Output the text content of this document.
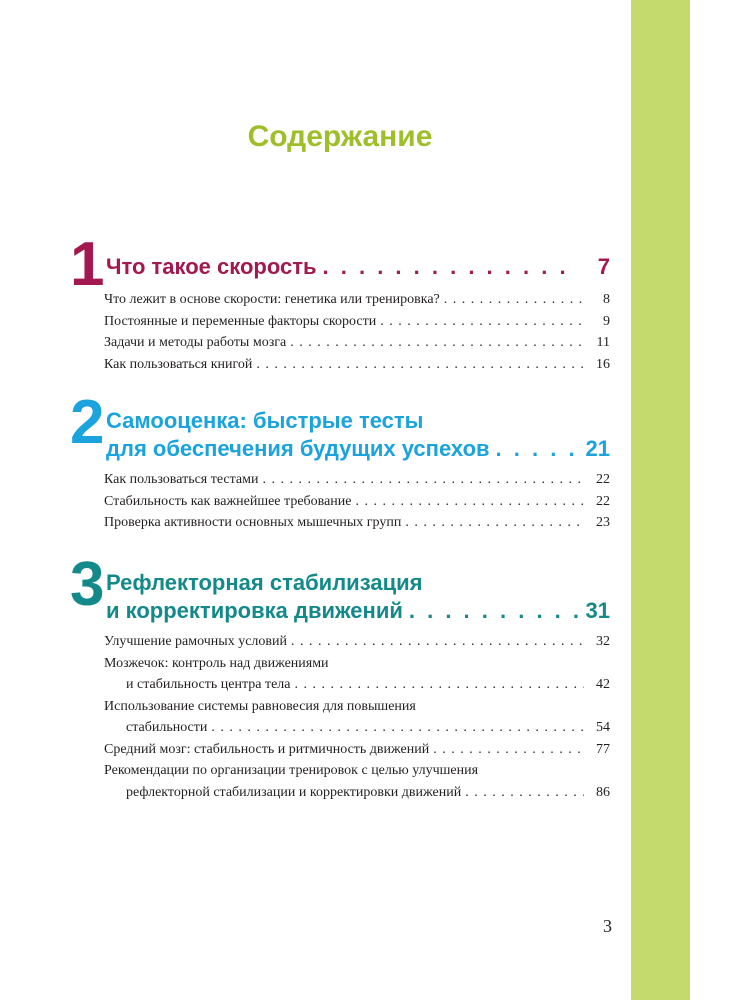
Содержание
1 Что такое скорость . . .	7
Что лежит в основе скорости: генетика или тренировка? . . .	8
Постоянные и переменные факторы скорости . . .	9
Задачи и методы работы мозга . . .	11
Как пользоваться книгой . . .	16
2 Самооценка: быстрые тесты
для обеспечения будущих успехов . . .	21
Как пользоваться тестами . . .	22
Стабильность как важнейшее требование . . .	22
Проверка активности основных мышечных групп . . .	23
3 Рефлекторная стабилизация
и корректировка движений . . .	31
Улучшение рамочных условий . . .	32
Мозжечок: контроль над движениями
и стабильность центра тела . . .	42
Использование системы равновесия для повышения
стабильности . . .	54
Средний мозг: стабильность и ритмичность движений . . .	77
Рекомендации по организации тренировок с целью улучшения
рефлекторной стабилизации и корректировки движений . . .	86
3
